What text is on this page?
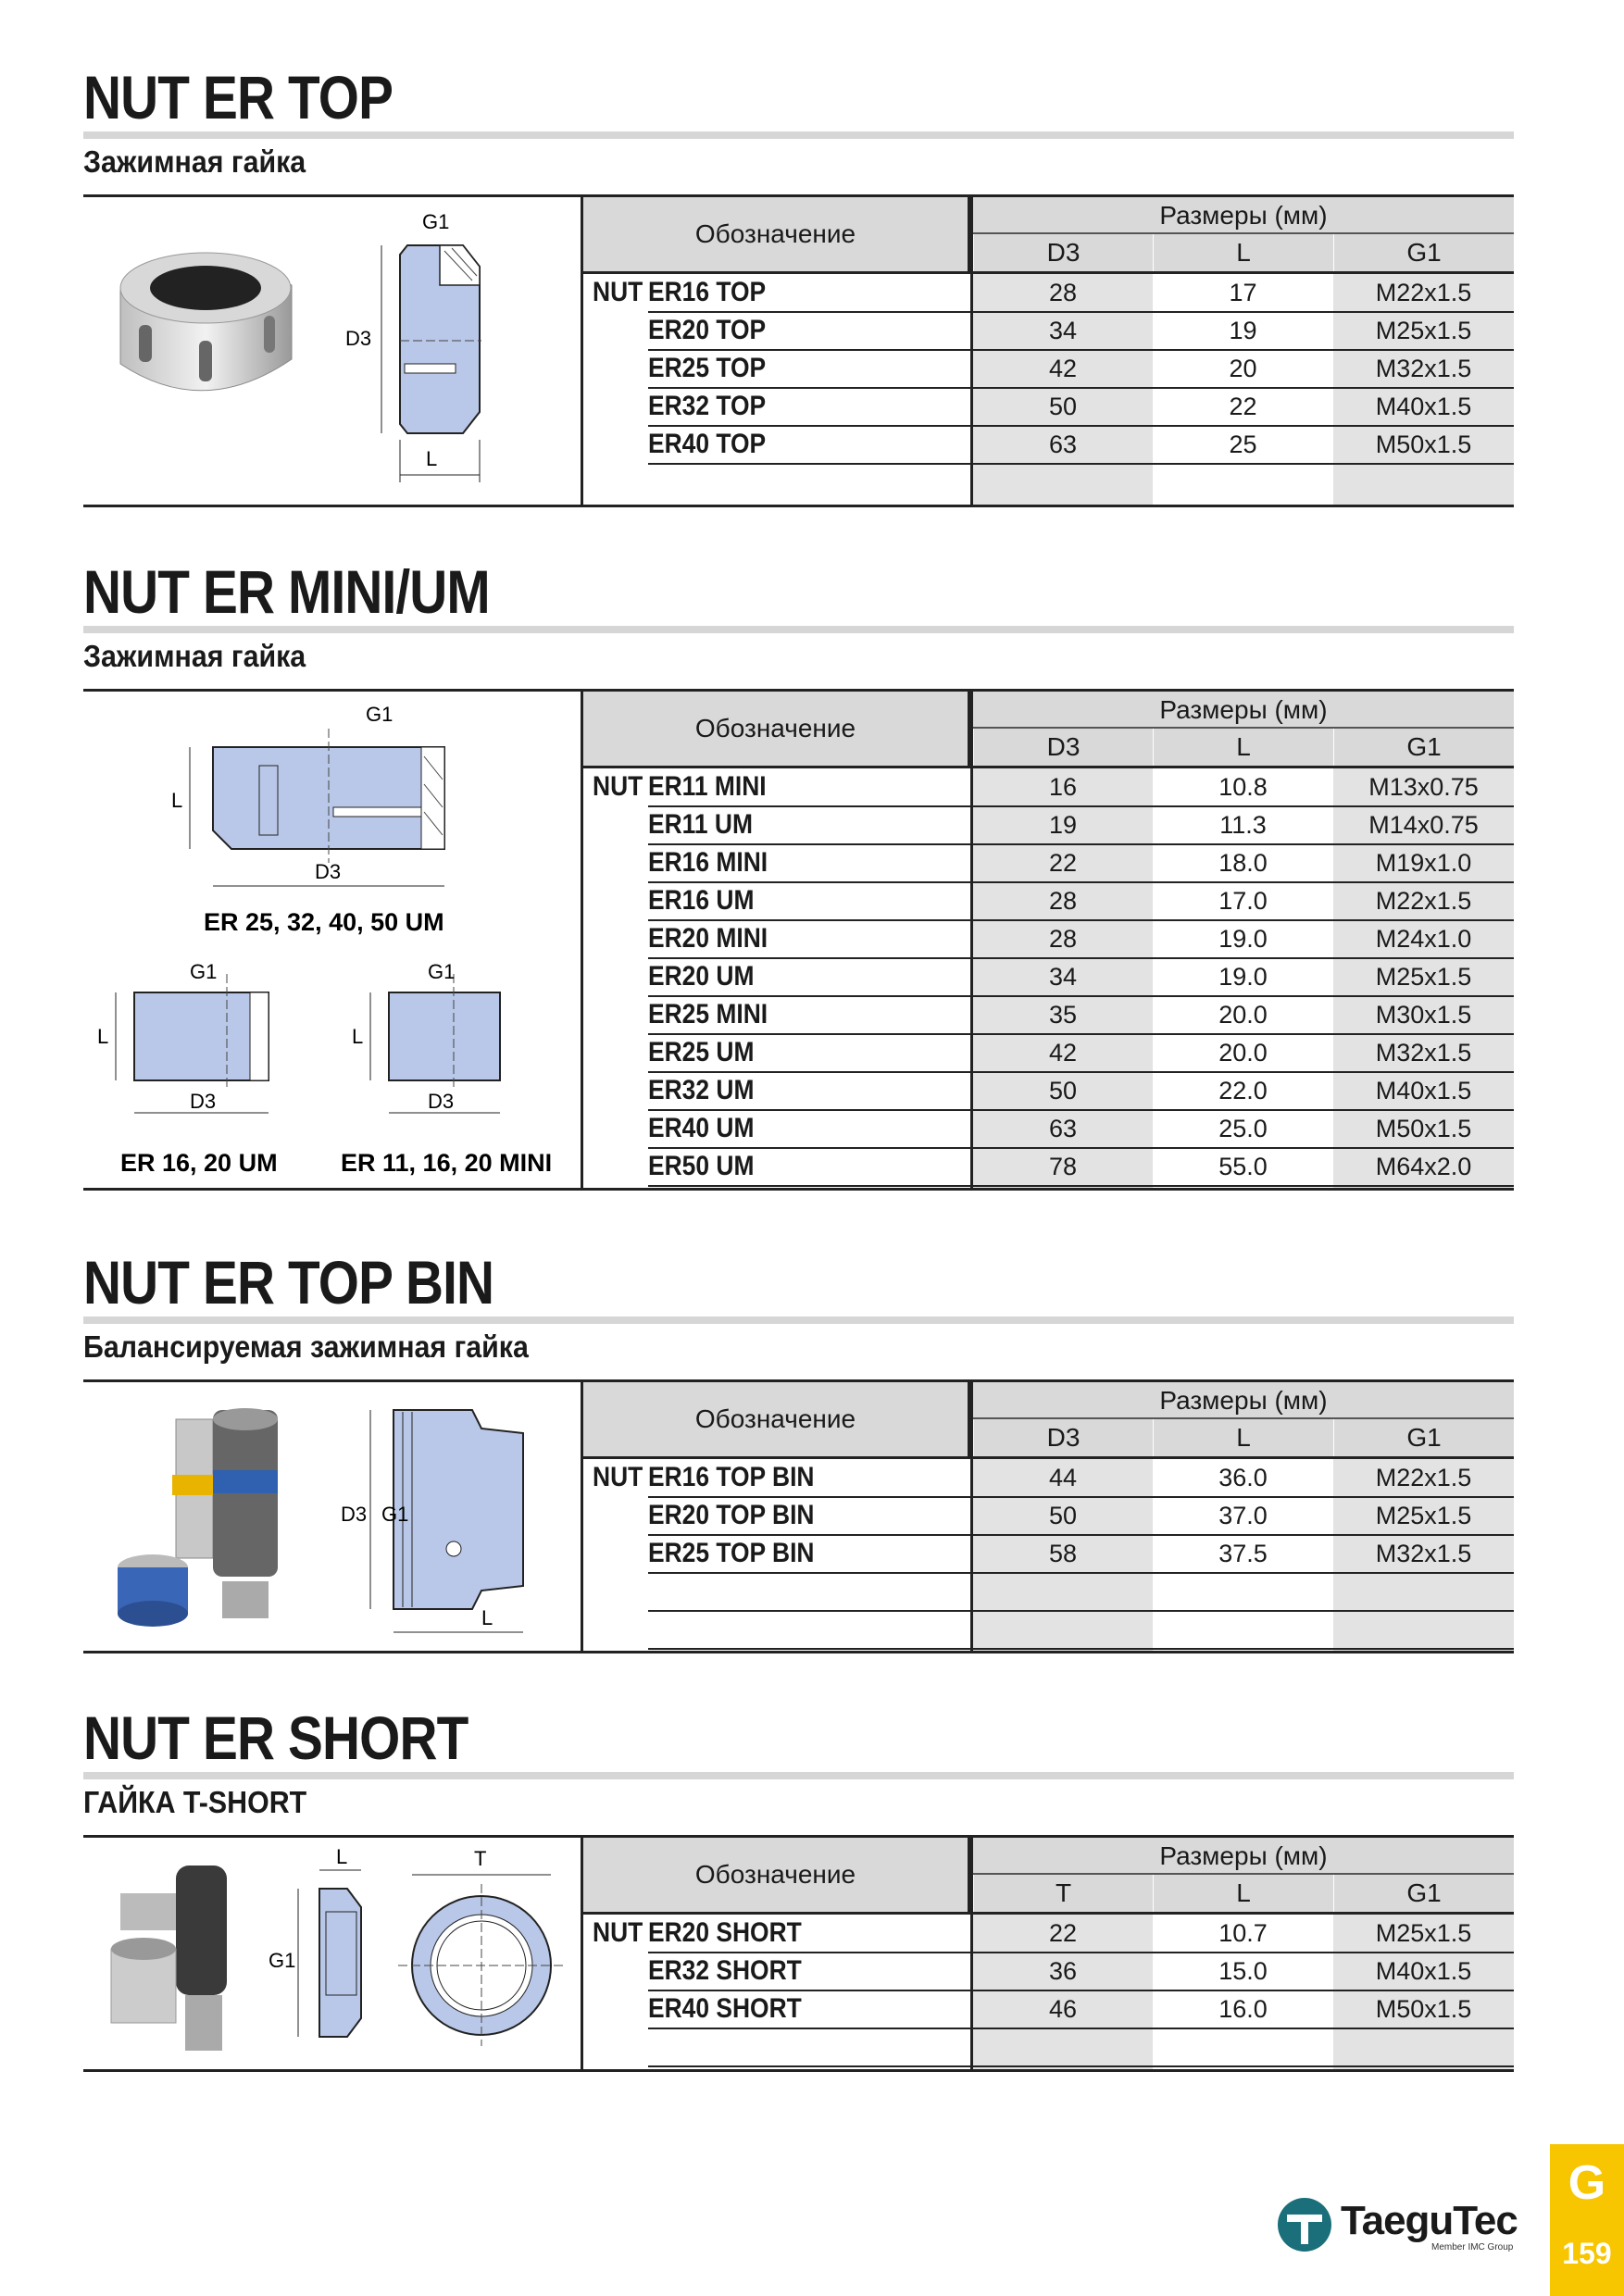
NUT ER TOP
Зажимная гайка
D3
L
G1	Обозначение
Размеры (мм)
D3	L	G1
NUT ER16 TOP	28	17	M22x1.5
ER20 TOP	34	19	M25x1.5
ER25 TOP	42	20	M32x1.5
ER32 TOP	50	22	M40x1.5
ER40 TOP	63	25	M50x1.5
NUT ER MINI/UM
Зажимная гайка
L
D3
G1
ER 25, 32, 40, 50 UM
L
D3
G1
L
D3
G1
ER 16, 20 UM	ER 11, 16, 20 MINI
Обозначение
Размеры (мм)
D3	L	G1
NUT ER11 MINI	16	10.8	M13x0.75
ER11 UM	19	11.3	M14x0.75
ER16 MINI	22	18.0	M19x1.0
ER16 UM	28	17.0	M22x1.5
ER20 MINI	28	19.0	M24x1.0
ER20 UM	34	19.0	M25x1.5
ER25 MINI	35	20.0	M30x1.5
ER25 UM	42	20.0	M32x1.5
ER32 UM	50	22.0	M40x1.5
ER40 UM	63	25.0	M50x1.5
ER50 UM	78	55.0	M64x2.0
NUT ER TOP BIN
Балансируемая зажимная гайка
D3 G1
L
Обозначение
Размеры (мм)
D3	L	G1
NUT ER16 TOP BIN	44	36.0	M22x1.5
ER20 TOP BIN	50	37.0	M25x1.5
ER25 TOP BIN	58	37.5	M32x1.5
NUT ER SHORT
ГАЙКА T-SHORT
G1
L	T
Обозначение
Размеры (мм)
T	L	G1
NUT ER20 SHORT	22	10.7	M25x1.5
ER32 SHORT	36	15.0	M40x1.5
ER40 SHORT	46	16.0	M50x1.5
TaeguTec
Member IMC Group
G
159
